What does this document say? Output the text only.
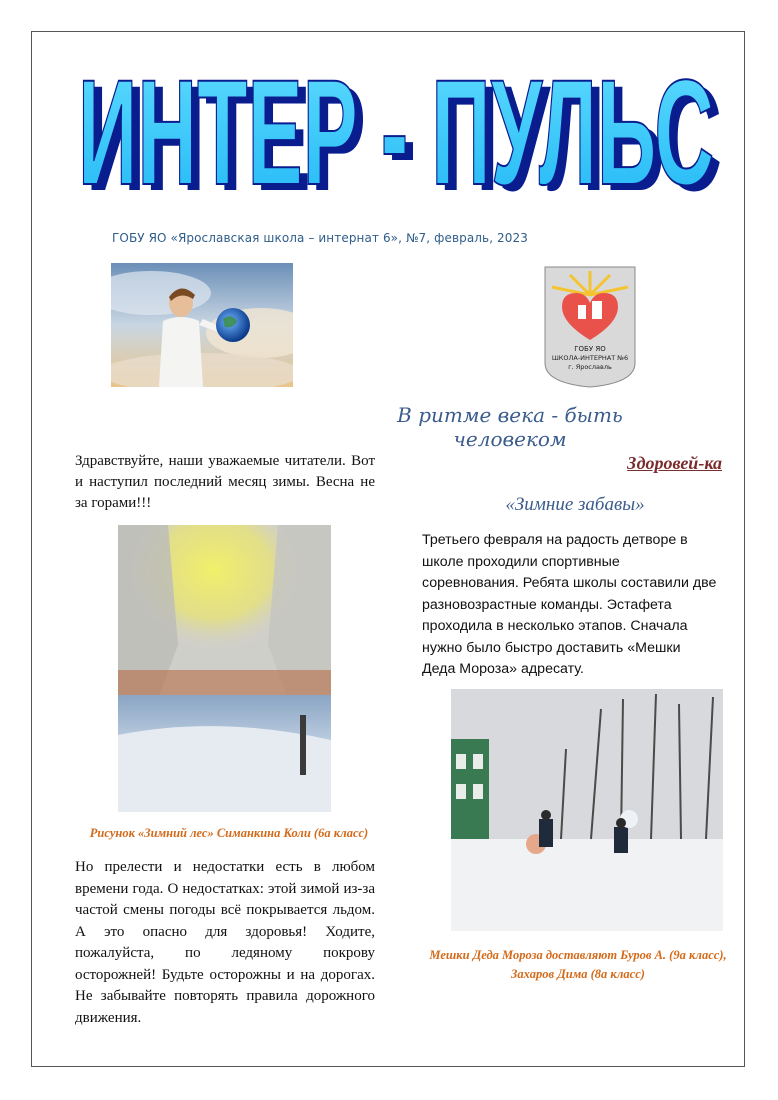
ИНТЕР - ПУЛЬС
ИНТЕР - ПУЛЬС
ГОБУ ЯО «Ярославская школа – интернат 6», №7, февраль, 2023
ГОБУ ЯО
ШКОЛА-ИНТЕРНАТ №6
г. Ярославль
В ритме века - быть человеком
Здравствуйте, наши уважаемые читатели. Вот и наступил последний месяц зимы. Весна не за горами!!!
Здоровей-ка
«Зимние забавы»
Третьего февраля на радость детворе в
школе проходили спортивные
соревнования. Ребята школы составили две
разновозрастные команды. Эстафета
проходила в несколько этапов. Сначала
нужно было быстро доставить «Мешки
Деда Мороза» адресату.
Рисунок «Зимний лес» Симанкина Коли (6а класс)
Мешки Деда Мороза доставляют Буров А. (9а класс), Захаров Дима (8а класс)
Но прелести и недостатки есть в любом времени года. О недостатках: этой зимой из-за частой смены погоды всё покрывается льдом. А это опасно для здоровья! Ходите, пожалуйста, по ледяному покрову осторожней! Будьте осторожны и на дорогах. Не забывайте повторять правила дорожного движения.
